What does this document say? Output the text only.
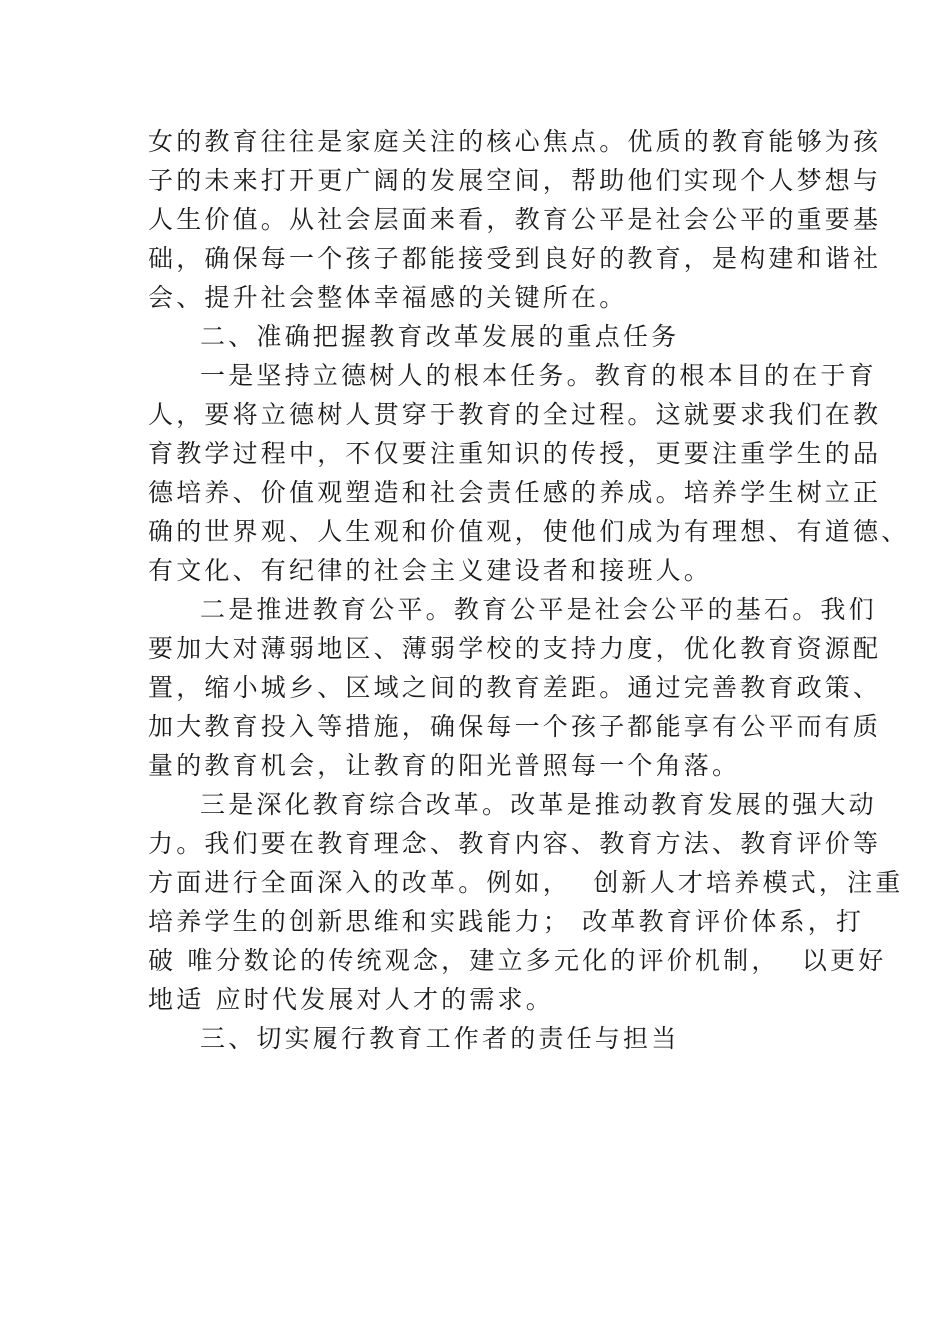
女的教育往往是家庭关注的核心焦点。优质的教育能够为孩
子的未来打开更广阔的发展空间，帮助他们实现个人梦想与
人生价值。从社会层面来看，教育公平是社会公平的重要基
础，确保每一个孩子都能接受到良好的教育，是构建和谐社
会、提升社会整体幸福感的关键所在。
二、准确把握教育改革发展的重点任务
一是坚持立德树人的根本任务。教育的根本目的在于育
人，要将立德树人贯穿于教育的全过程。这就要求我们在教
育教学过程中，不仅要注重知识的传授，更要注重学生的品
德培养、价值观塑造和社会责任感的养成。培养学生树立正
确的世界观、人生观和价值观，使他们成为有理想、有道德、
有文化、有纪律的社会主义建设者和接班人。
二是推进教育公平。教育公平是社会公平的基石。我们
要加大对薄弱地区、薄弱学校的支持力度，优化教育资源配
置，缩小城乡、区域之间的教育差距。通过完善教育政策、
加大教育投入等措施，确保每一个孩子都能享有公平而有质
量的教育机会，让教育的阳光普照每一个角落。
三是深化教育综合改革。改革是推动教育发展的强大动
力。我们要在教育理念、教育内容、教育方法、教育评价等
方面进行全面深入的改革。例如，  创新人才培养模式，注重
培养学生的创新思维和实践能力； 改革教育评价体系，打
破 唯分数论的传统观念，建立多元化的评价机制，  以更好
地适 应时代发展对人才的需求。
三、切实履行教育工作者的责任与担当
